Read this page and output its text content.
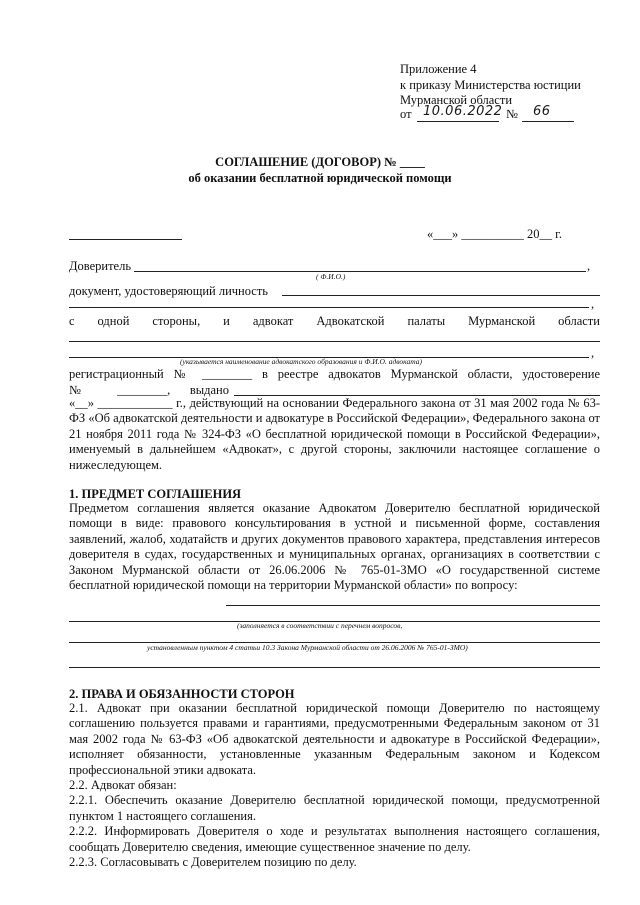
Приложение 4
к приказу Министерства юстиции
Мурманской области
от 10.06.2022 № 66
СОГЛАШЕНИЕ (ДОГОВОР) № ____
об оказании бесплатной юридической помощи
«___» __________ 20__ г.
Доверитель	,
( Ф.И.О.)
документ, удостоверяющий личность
,
с одной стороны, и адвокат Адвокатской палаты Мурманской области
,
(указывается наименование адвокатского образования и Ф.И.О. адвоката)
регистрационный № ________ в реестре адвокатов Мурманской области, удостоверение
№ ________, выдано

«__» ____________ г., действующий на основании Федерального закона от 31 мая 2002 года № 63-ФЗ «Об адвокатской деятельности и адвокатуре в Российской Федерации», Федерального закона от 21 ноября 2011 года № 324-ФЗ «О бесплатной юридической помощи в Российской Федерации», именуемый в дальнейшем «Адвокат», с другой стороны, заключили настоящее соглашение о нижеследующем.

1. ПРЕДМЕТ СОГЛАШЕНИЯ

Предметом соглашения является оказание Адвокатом Доверителю бесплатной юридической помощи в виде: правового консультирования в устной и письменной форме, составления заявлений, жалоб, ходатайств и других документов правового характера, представления интересов доверителя в судах, государственных и муниципальных органах, организациях в соответствии с Законом Мурманской области от 26.06.2006 № 765-01-ЗМО «О государственной системе бесплатной юридической помощи на территории Мурманской области» по вопросу:

(заполняется в соответствии с перечнем вопросов,
установленным пунктом 4 статьи 10.3 Закона Мурманской области от 26.06.2006 № 765-01-ЗМО)
2. ПРАВА И ОБЯЗАННОСТИ СТОРОН

2.1. Адвокат при оказании бесплатной юридической помощи Доверителю по настоящему соглашению пользуется правами и гарантиями, предусмотренными Федеральным законом от 31 мая 2002 года № 63-ФЗ «Об адвокатской деятельности и адвокатуре в Российской Федерации», исполняет обязанности, установленные указанным Федеральным законом и Кодексом профессиональной этики адвоката.

2.2. Адвокат обязан:

2.2.1. Обеспечить оказание Доверителю бесплатной юридической помощи, предусмотренной пунктом 1 настоящего соглашения.

2.2.2. Информировать Доверителя о ходе и результатах выполнения настоящего соглашения, сообщать Доверителю сведения, имеющие существенное значение по делу.

2.2.3. Согласовывать с Доверителем позицию по делу.
